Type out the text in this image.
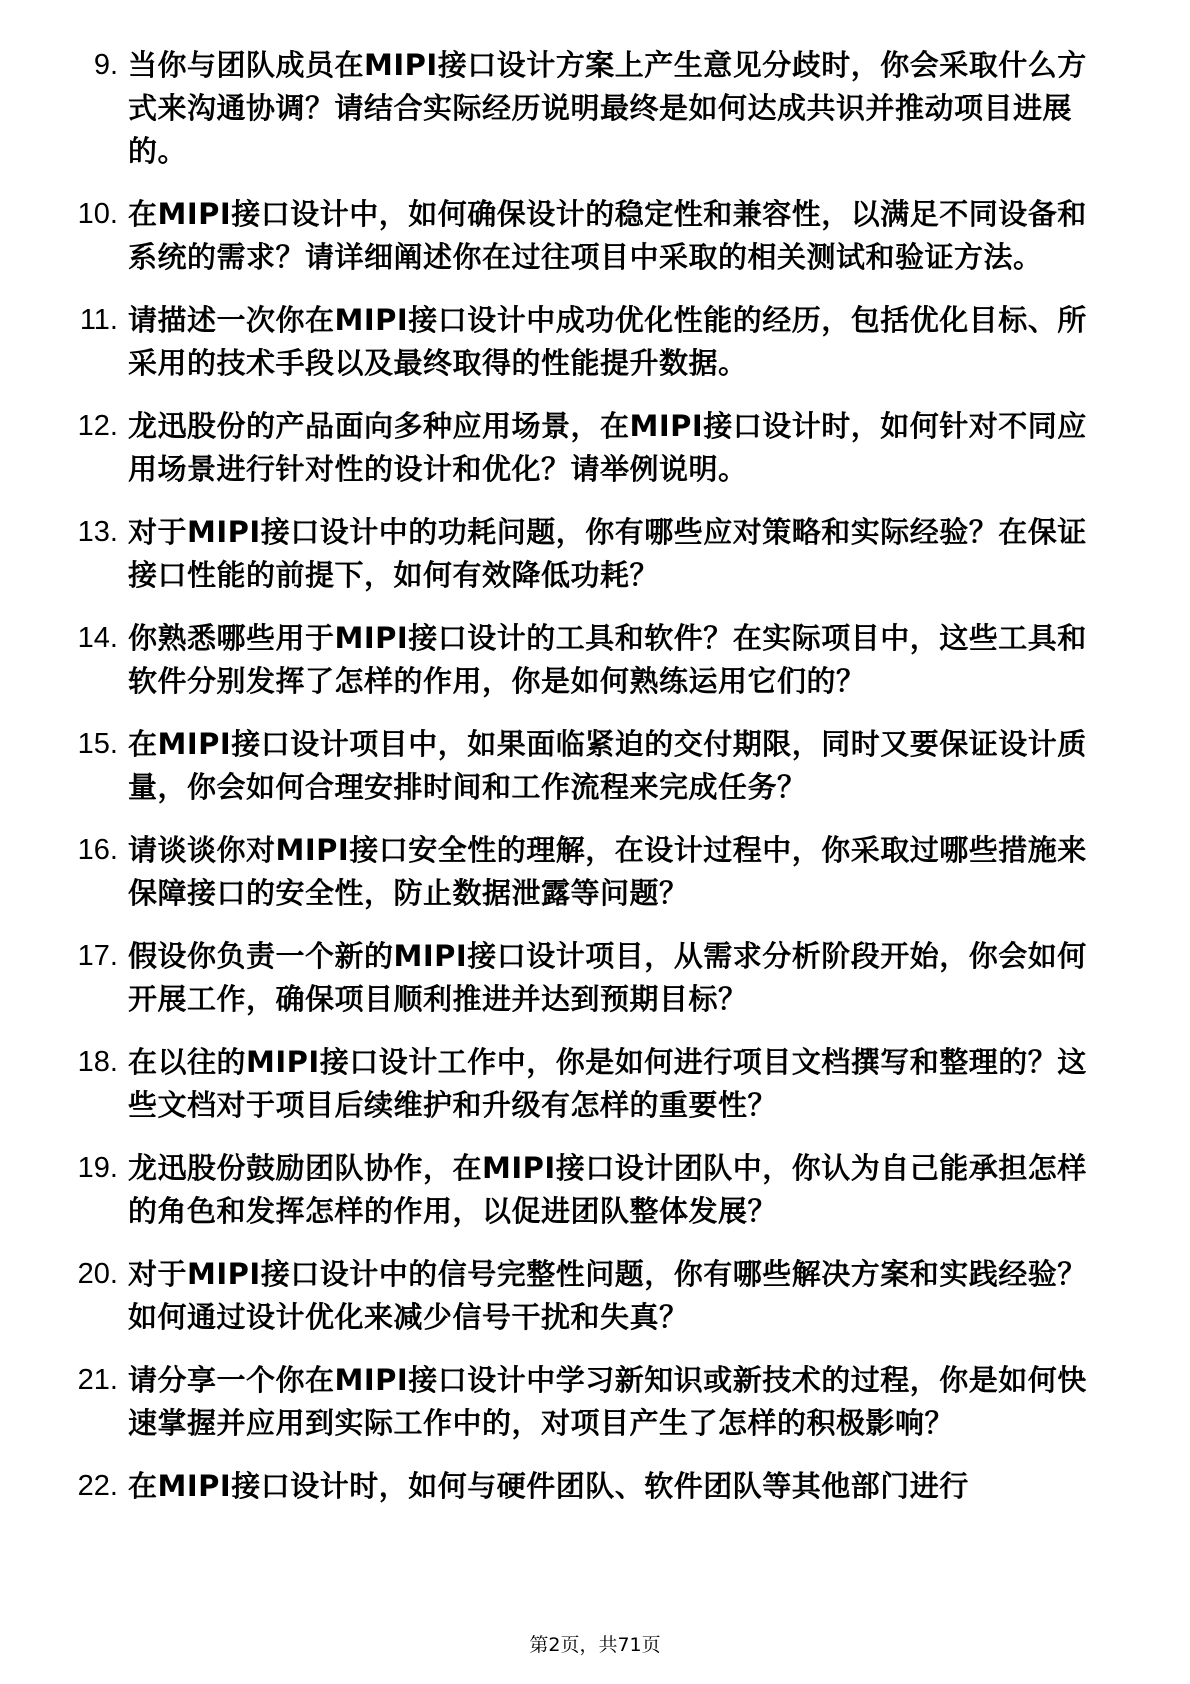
9. 当你与团队成员在MIPI接口设计方案上产生意见分歧时，你会采取什么方式来沟通协调？请结合实际经历说明最终是如何达成共识并推动项目进展的。
10. 在MIPI接口设计中，如何确保设计的稳定性和兼容性，以满足不同设备和系统的需求？请详细阐述你在过往项目中采取的相关测试和验证方法。
11. 请描述一次你在MIPI接口设计中成功优化性能的经历，包括优化目标、所采用的技术手段以及最终取得的性能提升数据。
12. 龙迅股份的产品面向多种应用场景，在MIPI接口设计时，如何针对不同应用场景进行针对性的设计和优化？请举例说明。
13. 对于MIPI接口设计中的功耗问题，你有哪些应对策略和实际经验？在保证接口性能的前提下，如何有效降低功耗？
14. 你熟悉哪些用于MIPI接口设计的工具和软件？在实际项目中，这些工具和软件分别发挥了怎样的作用，你是如何熟练运用它们的？
15. 在MIPI接口设计项目中，如果面临紧迫的交付期限，同时又要保证设计质量，你会如何合理安排时间和工作流程来完成任务？
16. 请谈谈你对MIPI接口安全性的理解，在设计过程中，你采取过哪些措施来保障接口的安全性，防止数据泄露等问题？
17. 假设你负责一个新的MIPI接口设计项目，从需求分析阶段开始，你会如何开展工作，确保项目顺利推进并达到预期目标？
18. 在以往的MIPI接口设计工作中，你是如何进行项目文档撰写和整理的？这些文档对于项目后续维护和升级有怎样的重要性？
19. 龙迅股份鼓励团队协作，在MIPI接口设计团队中，你认为自己能承担怎样的角色和发挥怎样的作用，以促进团队整体发展？
20. 对于MIPI接口设计中的信号完整性问题，你有哪些解决方案和实践经验？如何通过设计优化来减少信号干扰和失真？
21. 请分享一个你在MIPI接口设计中学习新知识或新技术的过程，你是如何快速掌握并应用到实际工作中的，对项目产生了怎样的积极影响？
22. 在MIPI接口设计时，如何与硬件团队、软件团队等其他部门进行
第2页，共71页
